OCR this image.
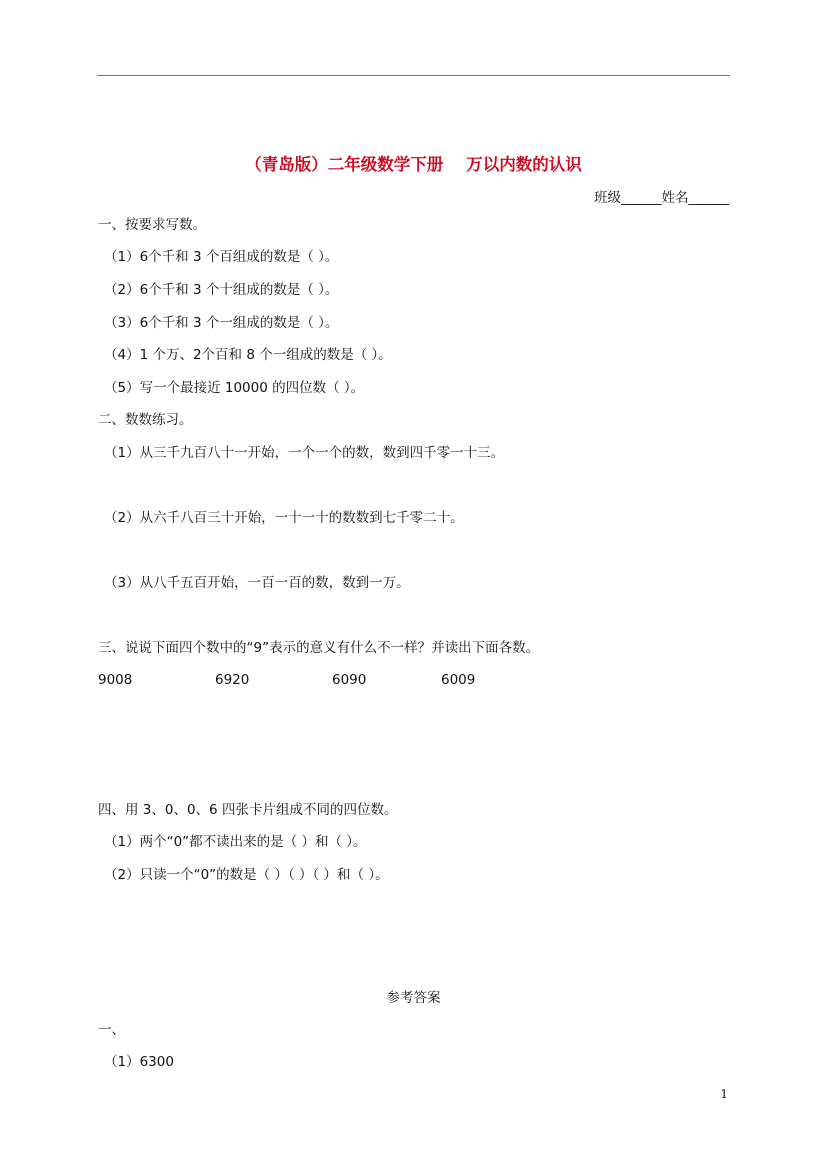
（青岛版）二年级数学下册    万以内数的认识
班级______姓名______
一、按要求写数。
（1）6个千和 3 个百组成的数是（ ）。
（2）6个千和 3 个十组成的数是（ ）。
（3）6个千和 3 个一组成的数是（ ）。
（4）1 个万、2个百和 8 个一组成的数是（ ）。
（5）写一个最接近 10000 的四位数（ ）。
二、数数练习。
（1）从三千九百八十一开始，一个一个的数，数到四千零一十三。
（2）从六千八百三十开始，一十一十的数数到七千零二十。
（3）从八千五百开始，一百一百的数，数到一万。
三、说说下面四个数中的“9”表示的意义有什么不一样？并读出下面各数。
9008	6920	6090	6009
四、用 3、0、0、6 四张卡片组成不同的四位数。
（1）两个“0”都不读出来的是（ ）和（ ）。
（2）只读一个“0”的数是（ ）（ ）（ ）和（ ）。
参考答案
一、
（1）6300
1
